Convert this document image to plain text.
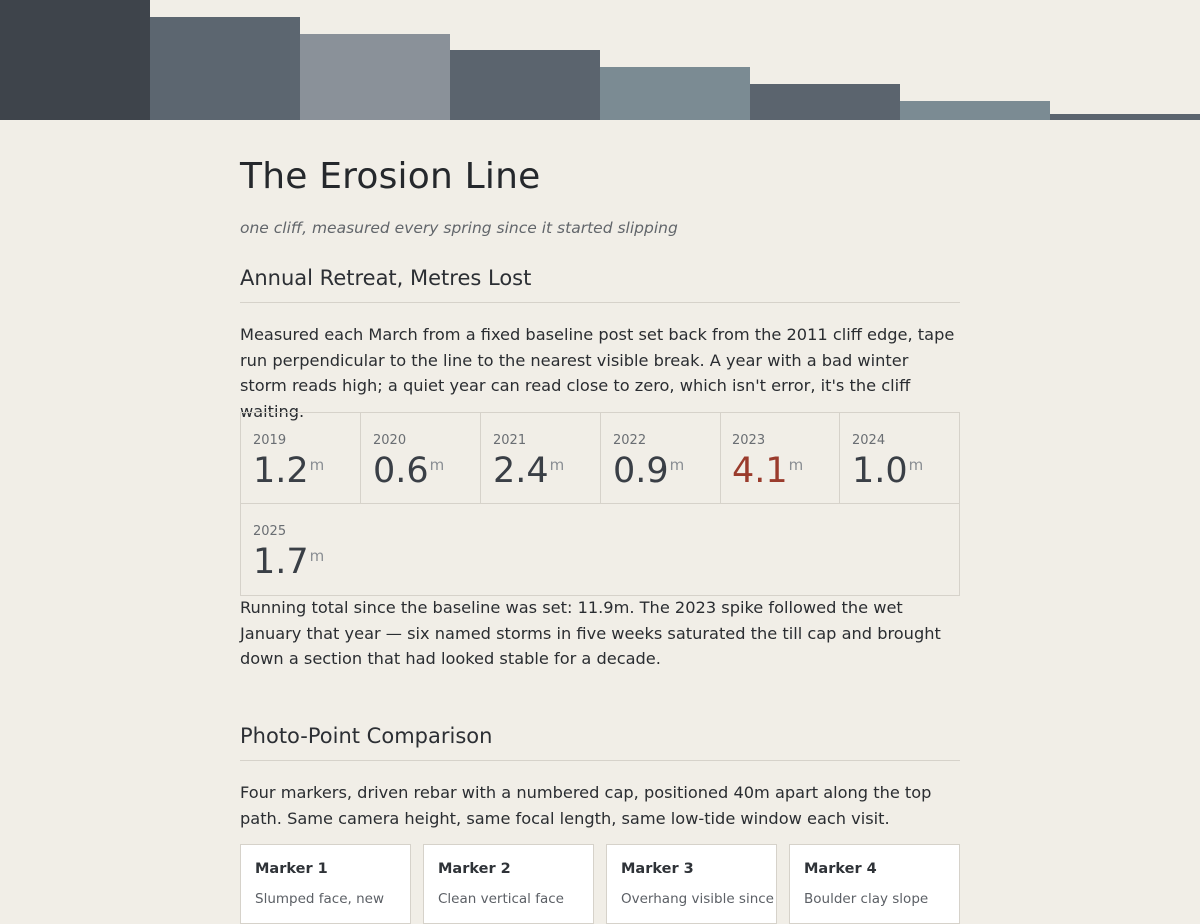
The Erosion Line

one cliff, measured every spring since it started slipping

Annual Retreat, Metres Lost

Measured each March from a fixed baseline post set back from the 2011 cliff edge, tape run perpendicular to the line to the nearest visible break. A year with a bad winter storm reads high; a quiet year can read close to zero, which isn't error, it's the cliff waiting.

2019
1.2m
2020
0.6m
2021
2.4m
2022
0.9m
2023
4.1m
2024
1.0m
2025
1.7m

Running total since the baseline was set: 11.9m. The 2023 spike followed the wet January that year — six named storms in five weeks saturated the till cap and brought down a section that had looked stable for a decade.

Photo-Point Comparison

Four markers, driven rebar with a numbered cap, positioned 40m apart along the top path. Same camera height, same focal length, same low-tide window each visit.

Marker 1
Slumped face, new
Marker 2
Clean vertical face
Marker 3
Overhang visible since
Marker 4
Boulder clay slope
